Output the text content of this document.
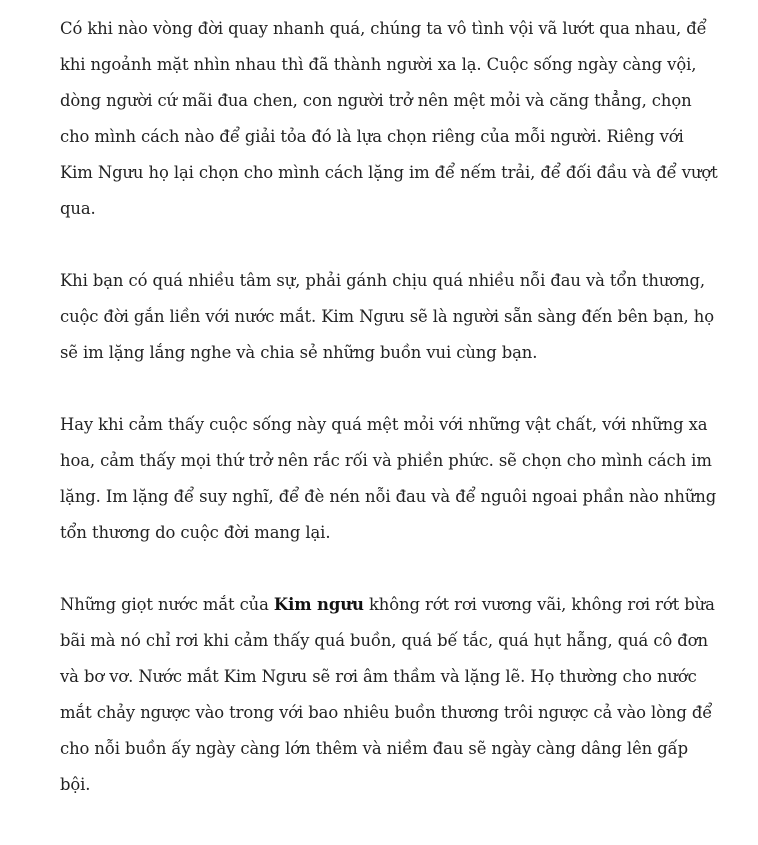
Có khi nào vòng đời quay nhanh quá, chúng ta vô tình vội vã lướt qua nhau, để khi ngoảnh mặt nhìn nhau thì đã thành người xa lạ. Cuộc sống ngày càng vội, dòng người cứ mãi đua chen, con người trở nên mệt mỏi và căng thẳng, chọn cho mình cách nào để giải tỏa đó là lựa chọn riêng của mỗi người. Riêng với Kim Ngưu họ lại chọn cho mình cách lặng im để nếm trải, để đối đầu và để vượt qua.

Khi bạn có quá nhiều tâm sự, phải gánh chịu quá nhiều nỗi đau và tổn thương, cuộc đời gắn liền với nước mắt. Kim Ngưu sẽ là người sẵn sàng đến bên bạn, họ sẽ im lặng lắng nghe và chia sẻ những buồn vui cùng bạn.

Hay khi cảm thấy cuộc sống này quá mệt mỏi với những vật chất, với những xa hoa, cảm thấy mọi thứ trở nên rắc rối và phiền phức. sẽ chọn cho mình cách im lặng. Im lặng để suy nghĩ, để đè nén nỗi đau và để nguôi ngoai phần nào những tổn thương do cuộc đời mang lại.

Những giọt nước mắt của Kim ngưu không rớt rơi vương vãi, không rơi rớt bừa bãi mà nó chỉ rơi khi cảm thấy quá buồn, quá bế tắc, quá hụt hẫng, quá cô đơn và bơ vơ. Nước mắt Kim Ngưu sẽ rơi âm thầm và lặng lẽ. Họ thường cho nước mắt chảy ngược vào trong với bao nhiêu buồn thương trôi ngược cả vào lòng để cho nỗi buồn ấy ngày càng lớn thêm và niềm đau sẽ ngày càng dâng lên gấp bội.
